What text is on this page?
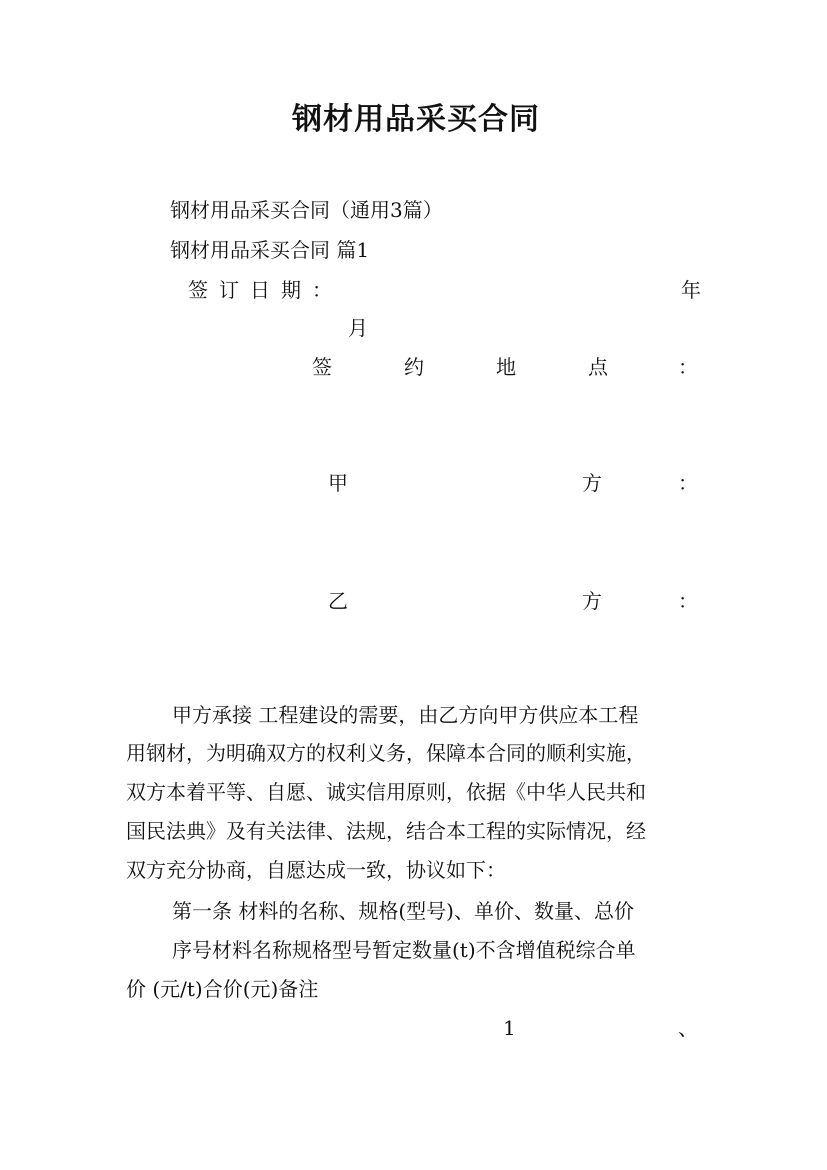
钢材用品采买合同
钢材用品采买合同（通用3篇）
钢材用品采买合同 篇1
签订日期：	年
月
签	约	地	点	：
甲	方	：
乙	方	：
甲方承接 工程建设的需要，由乙方向甲方供应本工程
用钢材，为明确双方的权利义务，保障本合同的顺利实施，
双方本着平等、自愿、诚实信用原则，依据《中华人民共和
国民法典》及有关法律、法规，结合本工程的实际情况，经
双方充分协商，自愿达成一致，协议如下：
第一条 材料的名称、规格(型号)、单价、数量、总价
序号材料名称规格型号暂定数量(t)不含增值税综合单
价 (元/t)合价(元)备注
1	、
